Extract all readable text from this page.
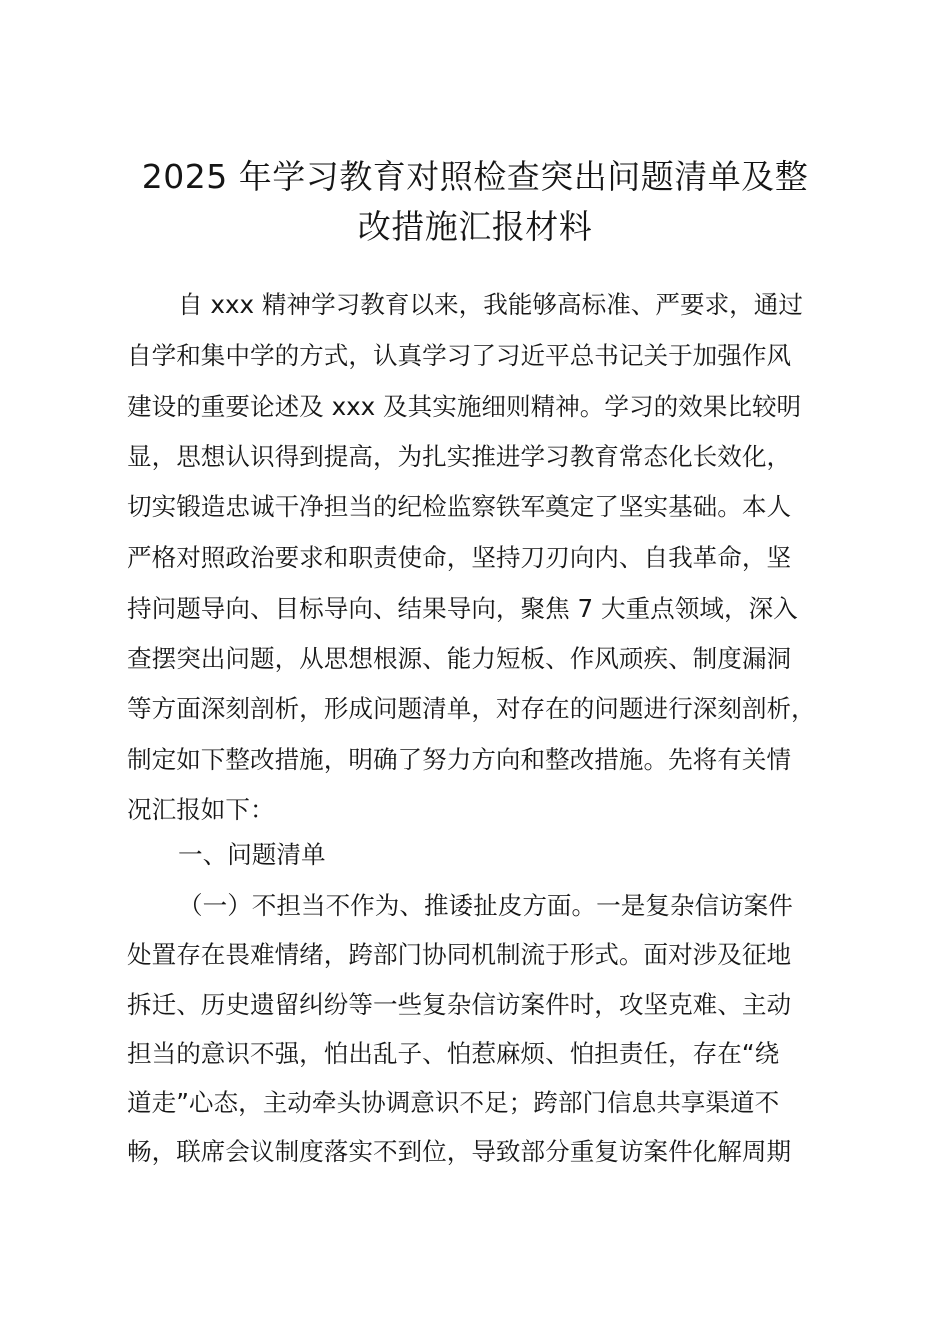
2025 年学习教育对照检查突出问题清单及整
改措施汇报材料
自 xxx 精神学习教育以来，我能够高标准、严要求，通过
自学和集中学的方式，认真学习了习近平总书记关于加强作风
建设的重要论述及 xxx 及其实施细则精神。学习的效果比较明
显，思想认识得到提高，为扎实推进学习教育常态化长效化，
切实锻造忠诚干净担当的纪检监察铁军奠定了坚实基础。本人
严格对照政治要求和职责使命，坚持刀刃向内、自我革命，坚
持问题导向、目标导向、结果导向，聚焦 7 大重点领域，深入
查摆突出问题，从思想根源、能力短板、作风顽疾、制度漏洞
等方面深刻剖析，形成问题清单，对存在的问题进行深刻剖析，
制定如下整改措施，明确了努力方向和整改措施。先将有关情
况汇报如下：
一、问题清单
（一）不担当不作为、推诿扯皮方面。一是复杂信访案件
处置存在畏难情绪，跨部门协同机制流于形式。面对涉及征地
拆迁、历史遗留纠纷等一些复杂信访案件时，攻坚克难、主动
担当的意识不强，怕出乱子、怕惹麻烦、怕担责任，存在“绕
道走”心态，主动牵头协调意识不足；跨部门信息共享渠道不
畅，联席会议制度落实不到位，导致部分重复访案件化解周期
